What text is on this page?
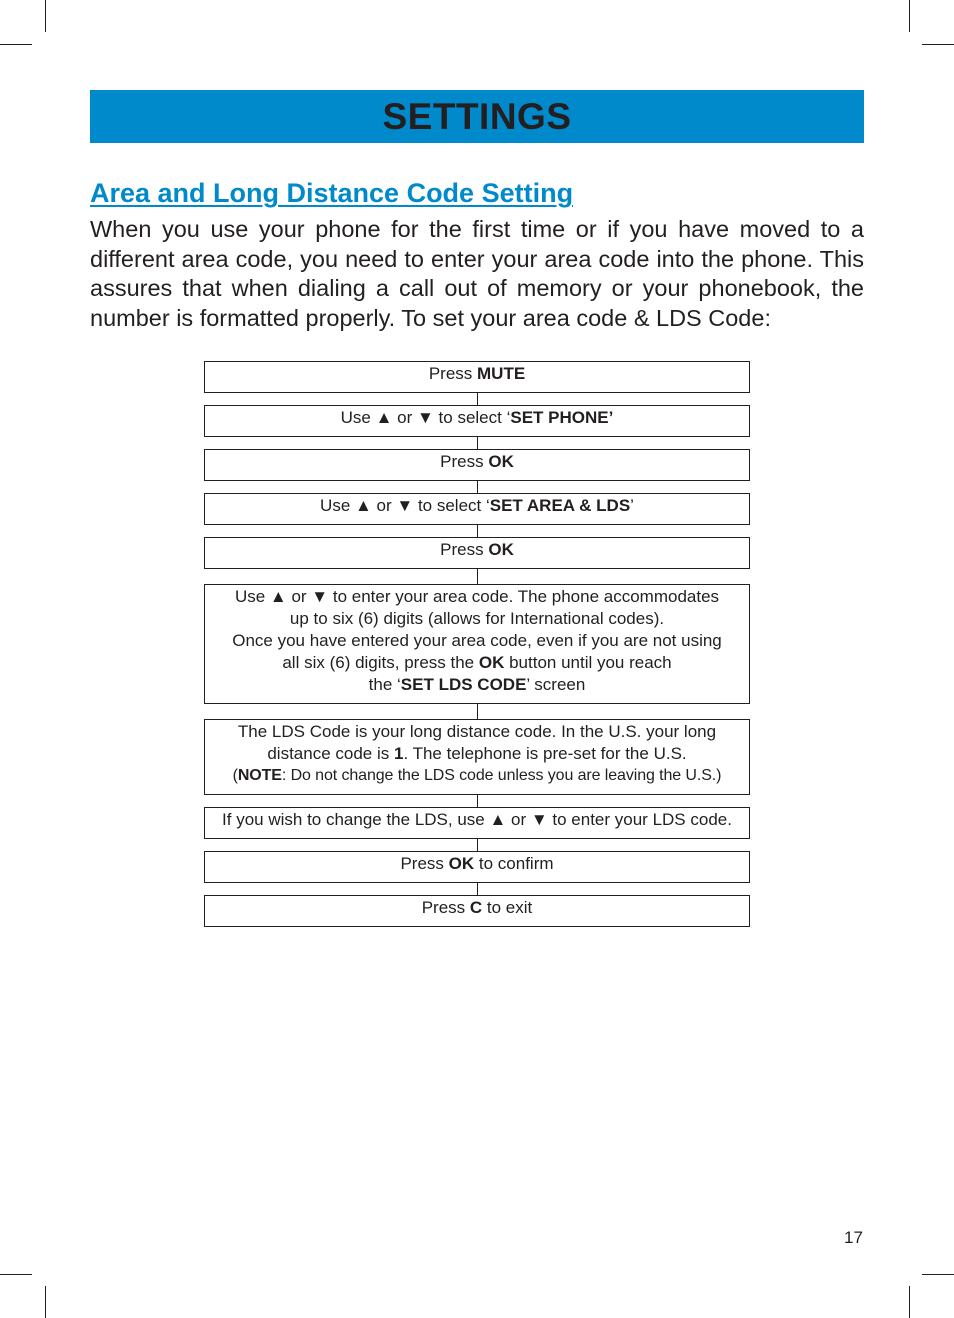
SETTINGS
Area and Long Distance Code Setting

When you use your phone for the first time or if you have moved to a different area code, you need to enter your area code into the phone. This assures that when dialing a call out of memory or your phonebook, the number is formatted properly. To set your area code & LDS Code:

Press MUTE
Use ▲ or ▼ to select ‘SET PHONE’
Press OK
Use ▲ or ▼ to select ‘SET AREA & LDS’
Press OK
Use ▲ or ▼ to enter your area code. The phone accommodates
up to six (6) digits (allows for International codes).
Once you have entered your area code, even if you are not using
all six (6) digits, press the OK button until you reach
the ‘SET LDS CODE’ screen
The LDS Code is your long distance code. In the U.S. your long
distance code is 1. The telephone is pre-set for the U.S.
(NOTE: Do not change the LDS code unless you are leaving the U.S.)
If you wish to change the LDS, use ▲ or ▼ to enter your LDS code.
Press OK to confirm
Press C to exit
17
